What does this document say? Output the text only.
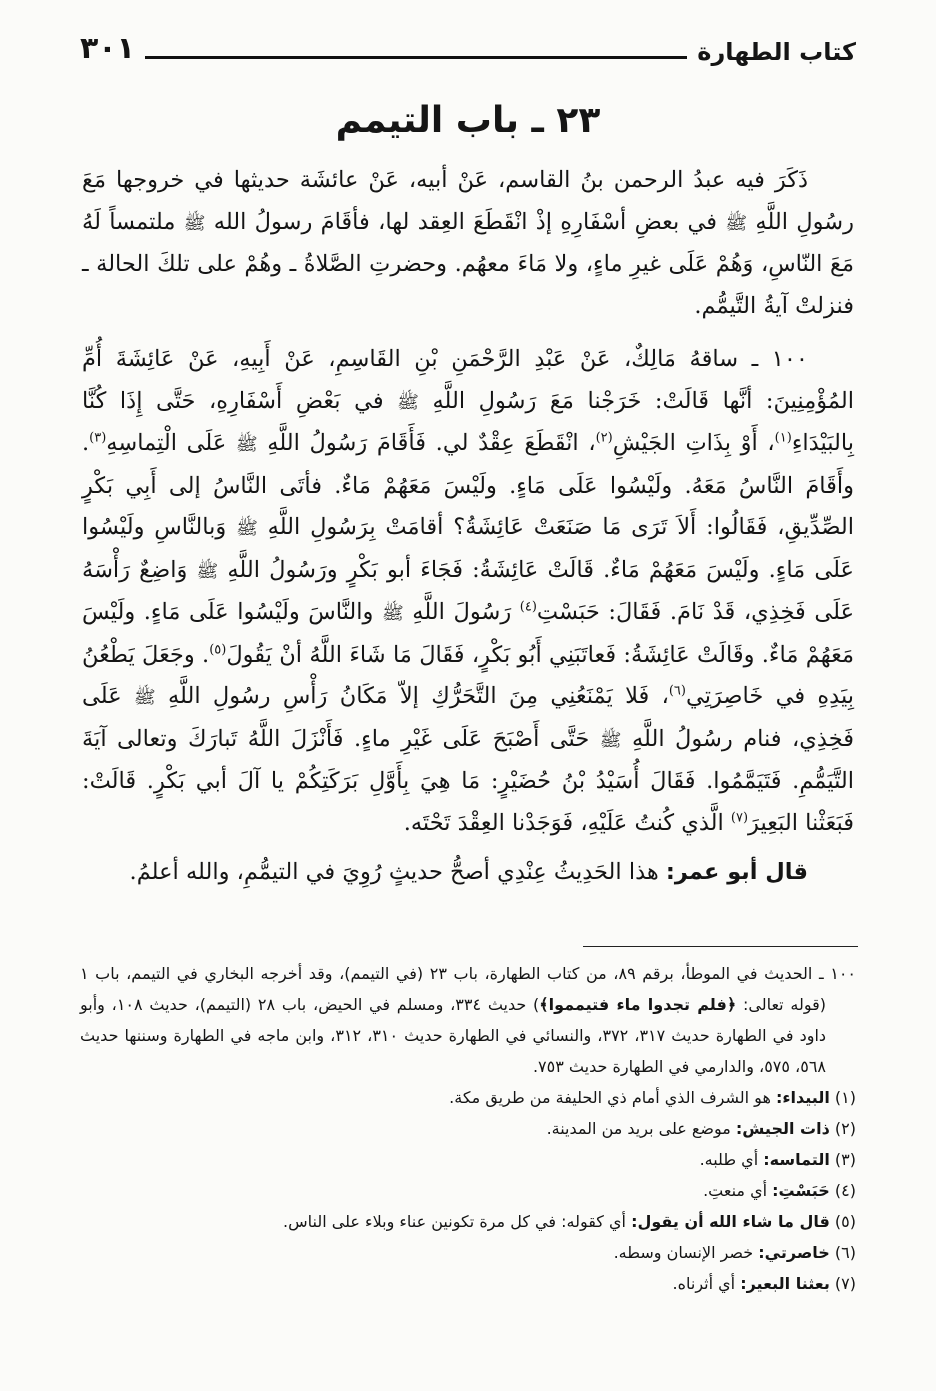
كتاب الطهارة
٣٠١
٢٣ ـ باب التيمم

ذَكَرَ فيه عبدُ الرحمن بنُ القاسم، عَنْ أبيه، عَنْ عائشَة حديثها في خروجها مَعَ رسُولِ اللَّهِ ﷺ في بعضِ أسْفَارِهِ إذْ انْقَطَعَ العِقد لها، فأقَامَ رسولُ الله ﷺ ملتمساً لَهُ مَعَ النّاسِ، وَهُمْ عَلَى غيرِ ماءٍ، ولا مَاءَ معهُم. وحضرتِ الصَّلاةُ ـ وهُمْ على تلكَ الحالة ـ فنزلتْ آيةُ التَّيمُّم.

١٠٠ ـ ساقهُ مَالِكٌ، عَنْ عَبْدِ الرَّحْمَنِ بْنِ القَاسِمِ، عَنْ أَبِيهِ، عَنْ عَائِشَةَ أُمِّ المُؤْمِنِينَ: أنَّها قَالَتْ: خَرَجْنا مَعَ رَسُولِ اللَّهِ ﷺ في بَعْضِ أَسْفَارِهِ، حَتَّى إِذَا كُنَّا بِالبَيْدَاءِ$^{(١)}$، أَوْ بِذَاتِ الجَيْشِ$^{(٢)}$، انْقَطَعَ عِقْدٌ لي. فَأَقَامَ رَسُولُ اللَّهِ ﷺ عَلَى الْتِماسِهِ$^{(٣)}$. وأَقَامَ النَّاسُ مَعَهُ. ولَيْسُوا عَلَى مَاءٍ. ولَيْسَ مَعَهُمْ مَاءٌ. فأتَى النَّاسُ إلى أَبِي بَكْرٍ الصِّدِّيقِ، فَقَالُوا: أَلاَ تَرَى مَا صَنَعَتْ عَائِشَةُ؟ أقامَتْ بِرَسُولِ اللَّهِ ﷺ وَبالنَّاسِ ولَيْسُوا عَلَى مَاءٍ. ولَيْسَ مَعَهُمْ مَاءٌ. قَالَتْ عَائِشَةُ: فَجَاءَ أبو بَكْرٍ ورَسُولُ اللَّهِ ﷺ وَاضِعٌ رَأْسَهُ عَلَى فَخِذِي، قَدْ نَامَ. فَقَالَ: حَبَسْتِ$^{(٤)}$ رَسُولَ اللَّهِ ﷺ والنَّاسَ ولَيْسُوا عَلَى مَاءٍ. ولَيْسَ مَعَهُمْ مَاءٌ. وقَالَتْ عَائِشَةُ: فَعاتَبَنِي أَبُو بَكْرٍ، فَقَالَ مَا شَاءَ اللَّهُ أنْ يَقُولَ$^{(٥)}$. وجَعَلَ يَطْعُنُ بِيَدِهِ في خَاصِرَتِي$^{(٦)}$، فَلا يَمْنَعُنِي مِنَ التَّحَرُّكِ إلاّ مَكَانُ رَأْسِ رسُولِ اللَّهِ ﷺ عَلَى فَخِذِي، فنام رسُولُ اللَّهِ ﷺ حَتَّى أَصْبَحَ عَلَى غَيْرِ ماءٍ. فَأَنْزَلَ اللَّهُ تَبارَكَ وتعالى آيَةَ التَّيَمُّمِ. فَتَيَمَّمُوا. فَقَالَ أُسَيْدُ بْنُ حُضَيْرٍ: مَا هِيَ بِأَوَّلِ بَرَكَتِكُمْ يا آلَ أبي بَكْرٍ. قَالَتْ: فَبَعَثْنا البَعِيرَ$^{(٧)}$ الَّذي كُنتُ عَلَيْهِ، فَوَجَدْنا العِقْدَ تَحْتَه.

قال أبو عمر: هذا الحَدِيثُ عِنْدِي أصحُّ حديثٍ رُوِيَ في التيمُّمِ، والله أعلمُ.

١٠٠ ـ الحديث في الموطأ، برقم ٨٩، من كتاب الطهارة، باب ٢٣ (في التيمم)، وقد أخرجه البخاري في التيمم، باب ١ (قوله تعالى: ﴿فلم تجدوا ماء فتيمموا﴾) حديث ٣٣٤، ومسلم في الحيض، باب ٢٨ (التيمم)، حديث ١٠٨، وأبو داود في الطهارة حديث ٣١٧، ٣٧٢، والنسائي في الطهارة حديث ٣١٠، ٣١٢، وابن ماجه في الطهارة وسننها حديث ٥٦٨، ٥٧٥، والدارمي في الطهارة حديث ٧٥٣.

(١) البيداء: هو الشرف الذي أمام ذي الحليفة من طريق مكة.

(٢) ذات الجيش: موضع على بريد من المدينة.

(٣) التماسه: أي طلبه.

(٤) حَبَسْتِ: أي منعتِ.

(٥) قال ما شاء الله أن يقول: أي كقوله: في كل مرة تكونين عناء وبلاء على الناس.

(٦) خاصرتي: خصر الإنسان وسطه.

(٧) بعثنا البعير: أي أثرناه.
